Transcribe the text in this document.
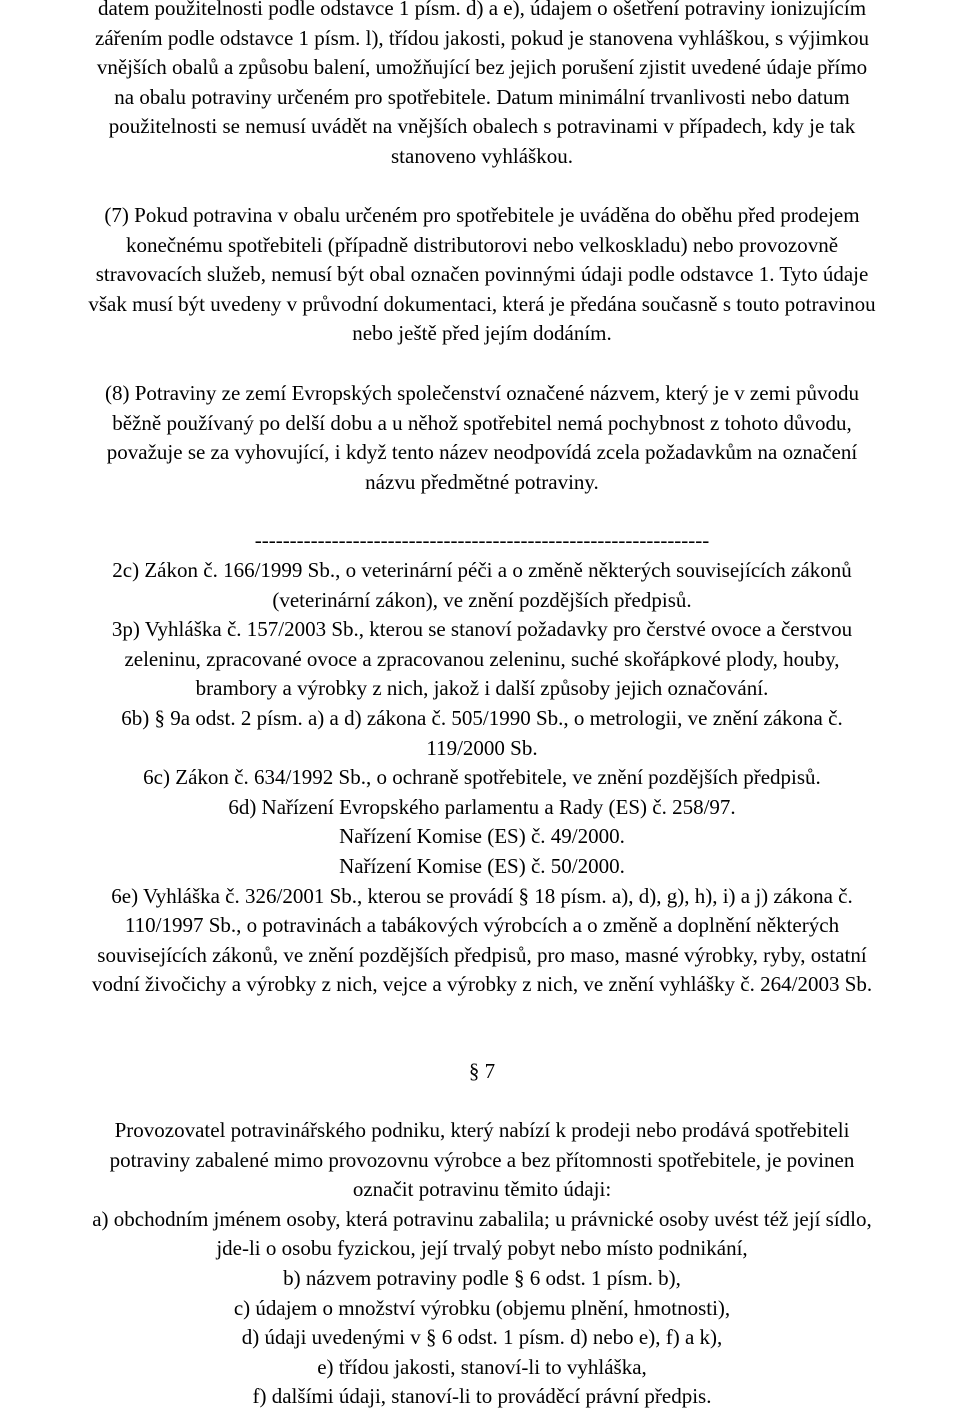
datem použitelnosti podle odstavce 1 písm. d) a e), údajem o ošetření potraviny ionizujícím
zářením podle odstavce 1 písm. l), třídou jakosti, pokud je stanovena vyhláškou, s výjimkou
vnějších obalů a způsobu balení, umožňující bez jejich porušení zjistit uvedené údaje přímo
na obalu potraviny určeném pro spotřebitele. Datum minimální trvanlivosti nebo datum
použitelnosti se nemusí uvádět na vnějších obalech s potravinami v případech, kdy je tak
stanoveno vyhláškou.
(7) Pokud potravina v obalu určeném pro spotřebitele je uváděna do oběhu před prodejem
konečnému spotřebiteli (případně distributorovi nebo velkoskladu) nebo provozovně
stravovacích služeb, nemusí být obal označen povinnými údaji podle odstavce 1. Tyto údaje
však musí být uvedeny v průvodní dokumentaci, která je předána současně s touto potravinou
nebo ještě před jejím dodáním.
(8) Potraviny ze zemí Evropských společenství označené názvem, který je v zemi původu
běžně používaný po delší dobu a u něhož spotřebitel nemá pochybnost z tohoto důvodu,
považuje se za vyhovující, i když tento název neodpovídá zcela požadavkům na označení
názvu předmětné potraviny.
-----------------------------------------------------------------
2c) Zákon č. 166/1999 Sb., o veterinární péči a o změně některých souvisejících zákonů
(veterinární zákon), ve znění pozdějších předpisů.
3p) Vyhláška č. 157/2003 Sb., kterou se stanoví požadavky pro čerstvé ovoce a čerstvou
zeleninu, zpracované ovoce a zpracovanou zeleninu, suché skořápkové plody, houby,
brambory a výrobky z nich, jakož i další způsoby jejich označování.
6b) § 9a odst. 2 písm. a) a d) zákona č. 505/1990 Sb., o metrologii, ve znění zákona č.
119/2000 Sb.
6c) Zákon č. 634/1992 Sb., o ochraně spotřebitele, ve znění pozdějších předpisů.
6d) Nařízení Evropského parlamentu a Rady (ES) č. 258/97.
Nařízení Komise (ES) č. 49/2000.
Nařízení Komise (ES) č. 50/2000.
6e) Vyhláška č. 326/2001 Sb., kterou se provádí § 18 písm. a), d), g), h), i) a j) zákona č.
110/1997 Sb., o potravinách a tabákových výrobcích a o změně a doplnění některých
souvisejících zákonů, ve znění pozdějších předpisů, pro maso, masné výrobky, ryby, ostatní
vodní živočichy a výrobky z nich, vejce a výrobky z nich, ve znění vyhlášky č. 264/2003 Sb.
§ 7
Provozovatel potravinářského podniku, který nabízí k prodeji nebo prodává spotřebiteli
potraviny zabalené mimo provozovnu výrobce a bez přítomnosti spotřebitele, je povinen
označit potravinu těmito údaji:
a) obchodním jménem osoby, která potravinu zabalila; u právnické osoby uvést též její sídlo,
jde-li o osobu fyzickou, její trvalý pobyt nebo místo podnikání,
b) názvem potraviny podle § 6 odst. 1 písm. b),
c) údajem o množství výrobku (objemu plnění, hmotnosti),
d) údaji uvedenými v § 6 odst. 1 písm. d) nebo e), f) a k),
e) třídou jakosti, stanoví-li to vyhláška,
f) dalšími údaji, stanoví-li to prováděcí právní předpis.
